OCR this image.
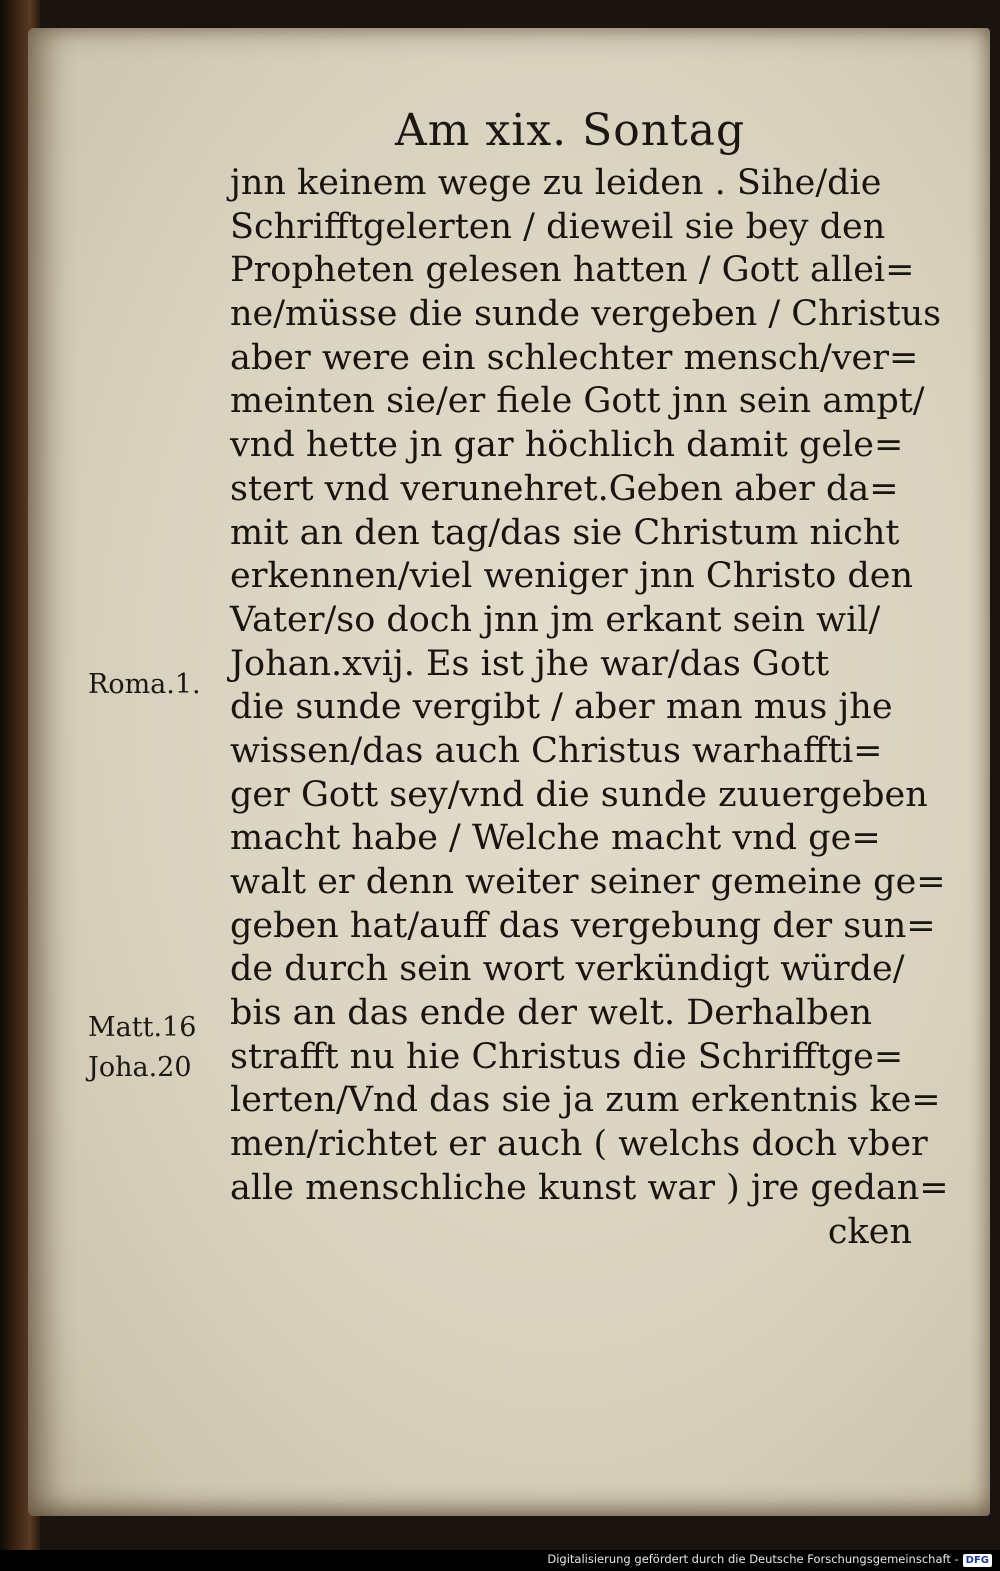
Am xix. Sontag
jnn keinem wege zu leiden . Sihe/die
Schrifftgelerten / dieweil sie bey den
Propheten gelesen hatten / Gott allei=
ne/müsse die sunde vergeben / Christus
aber were ein schlechter mensch/ver=
meinten sie/er fiele Gott jnn sein ampt/
vnd hette jn gar höchlich damit gele=
stert vnd verunehret.Geben aber da=
mit an den tag/das sie Christum nicht
erkennen/viel weniger jnn Christo den
Vater/so doch jnn jm erkant sein wil/
Johan.xvij. Es ist jhe war/das Gott
die sunde vergibt / aber man mus jhe
wissen/das auch Christus warhaffti=
ger Gott sey/vnd die sunde zuuergeben
macht habe / Welche macht vnd ge=
walt er denn weiter seiner gemeine ge=
geben hat/auff das vergebung der sun=
de durch sein wort verkündigt würde/
bis an das ende der welt. Derhalben
strafft nu hie Christus die Schrifftge=
lerten/Vnd das sie ja zum erkentnis ke=
men/richtet er auch ( welchs doch vber
alle menschliche kunst war ) jre gedan=
cken
Roma.1.
Matt.16
Joha.20
Digitalisierung gefördert durch die Deutsche Forschungsgemeinschaft - DFG
